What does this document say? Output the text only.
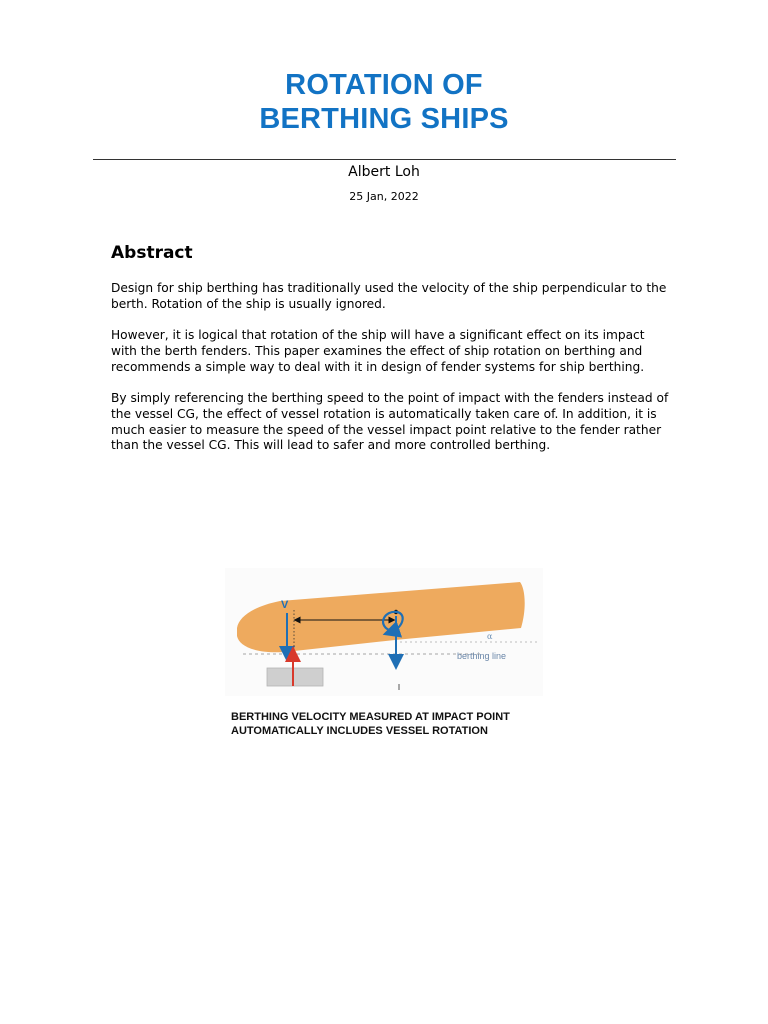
ROTATION OF
BERTHING SHIPS
Albert Loh
25 Jan, 2022
Abstract
Design for ship berthing has traditionally used the velocity of the ship perpendicular to the berth. Rotation of the ship is usually ignored.
However, it is logical that rotation of the ship will have a significant effect on its impact with the berth fenders. This paper examines the effect of ship rotation on berthing and recommends a simple way to deal with it in design of fender systems for ship berthing.
By simply referencing the berthing speed to the point of impact with the fenders instead of the vessel CG, the effect of vessel rotation is automatically taken care of. In addition, it is much easier to measure the speed of the vessel impact point relative to the fender rather than the vessel CG. This will lead to safer and more controlled berthing.
α
berthing line
V
BERTHING VELOCITY MEASURED AT IMPACT POINT
AUTOMATICALLY INCLUDES VESSEL ROTATION
